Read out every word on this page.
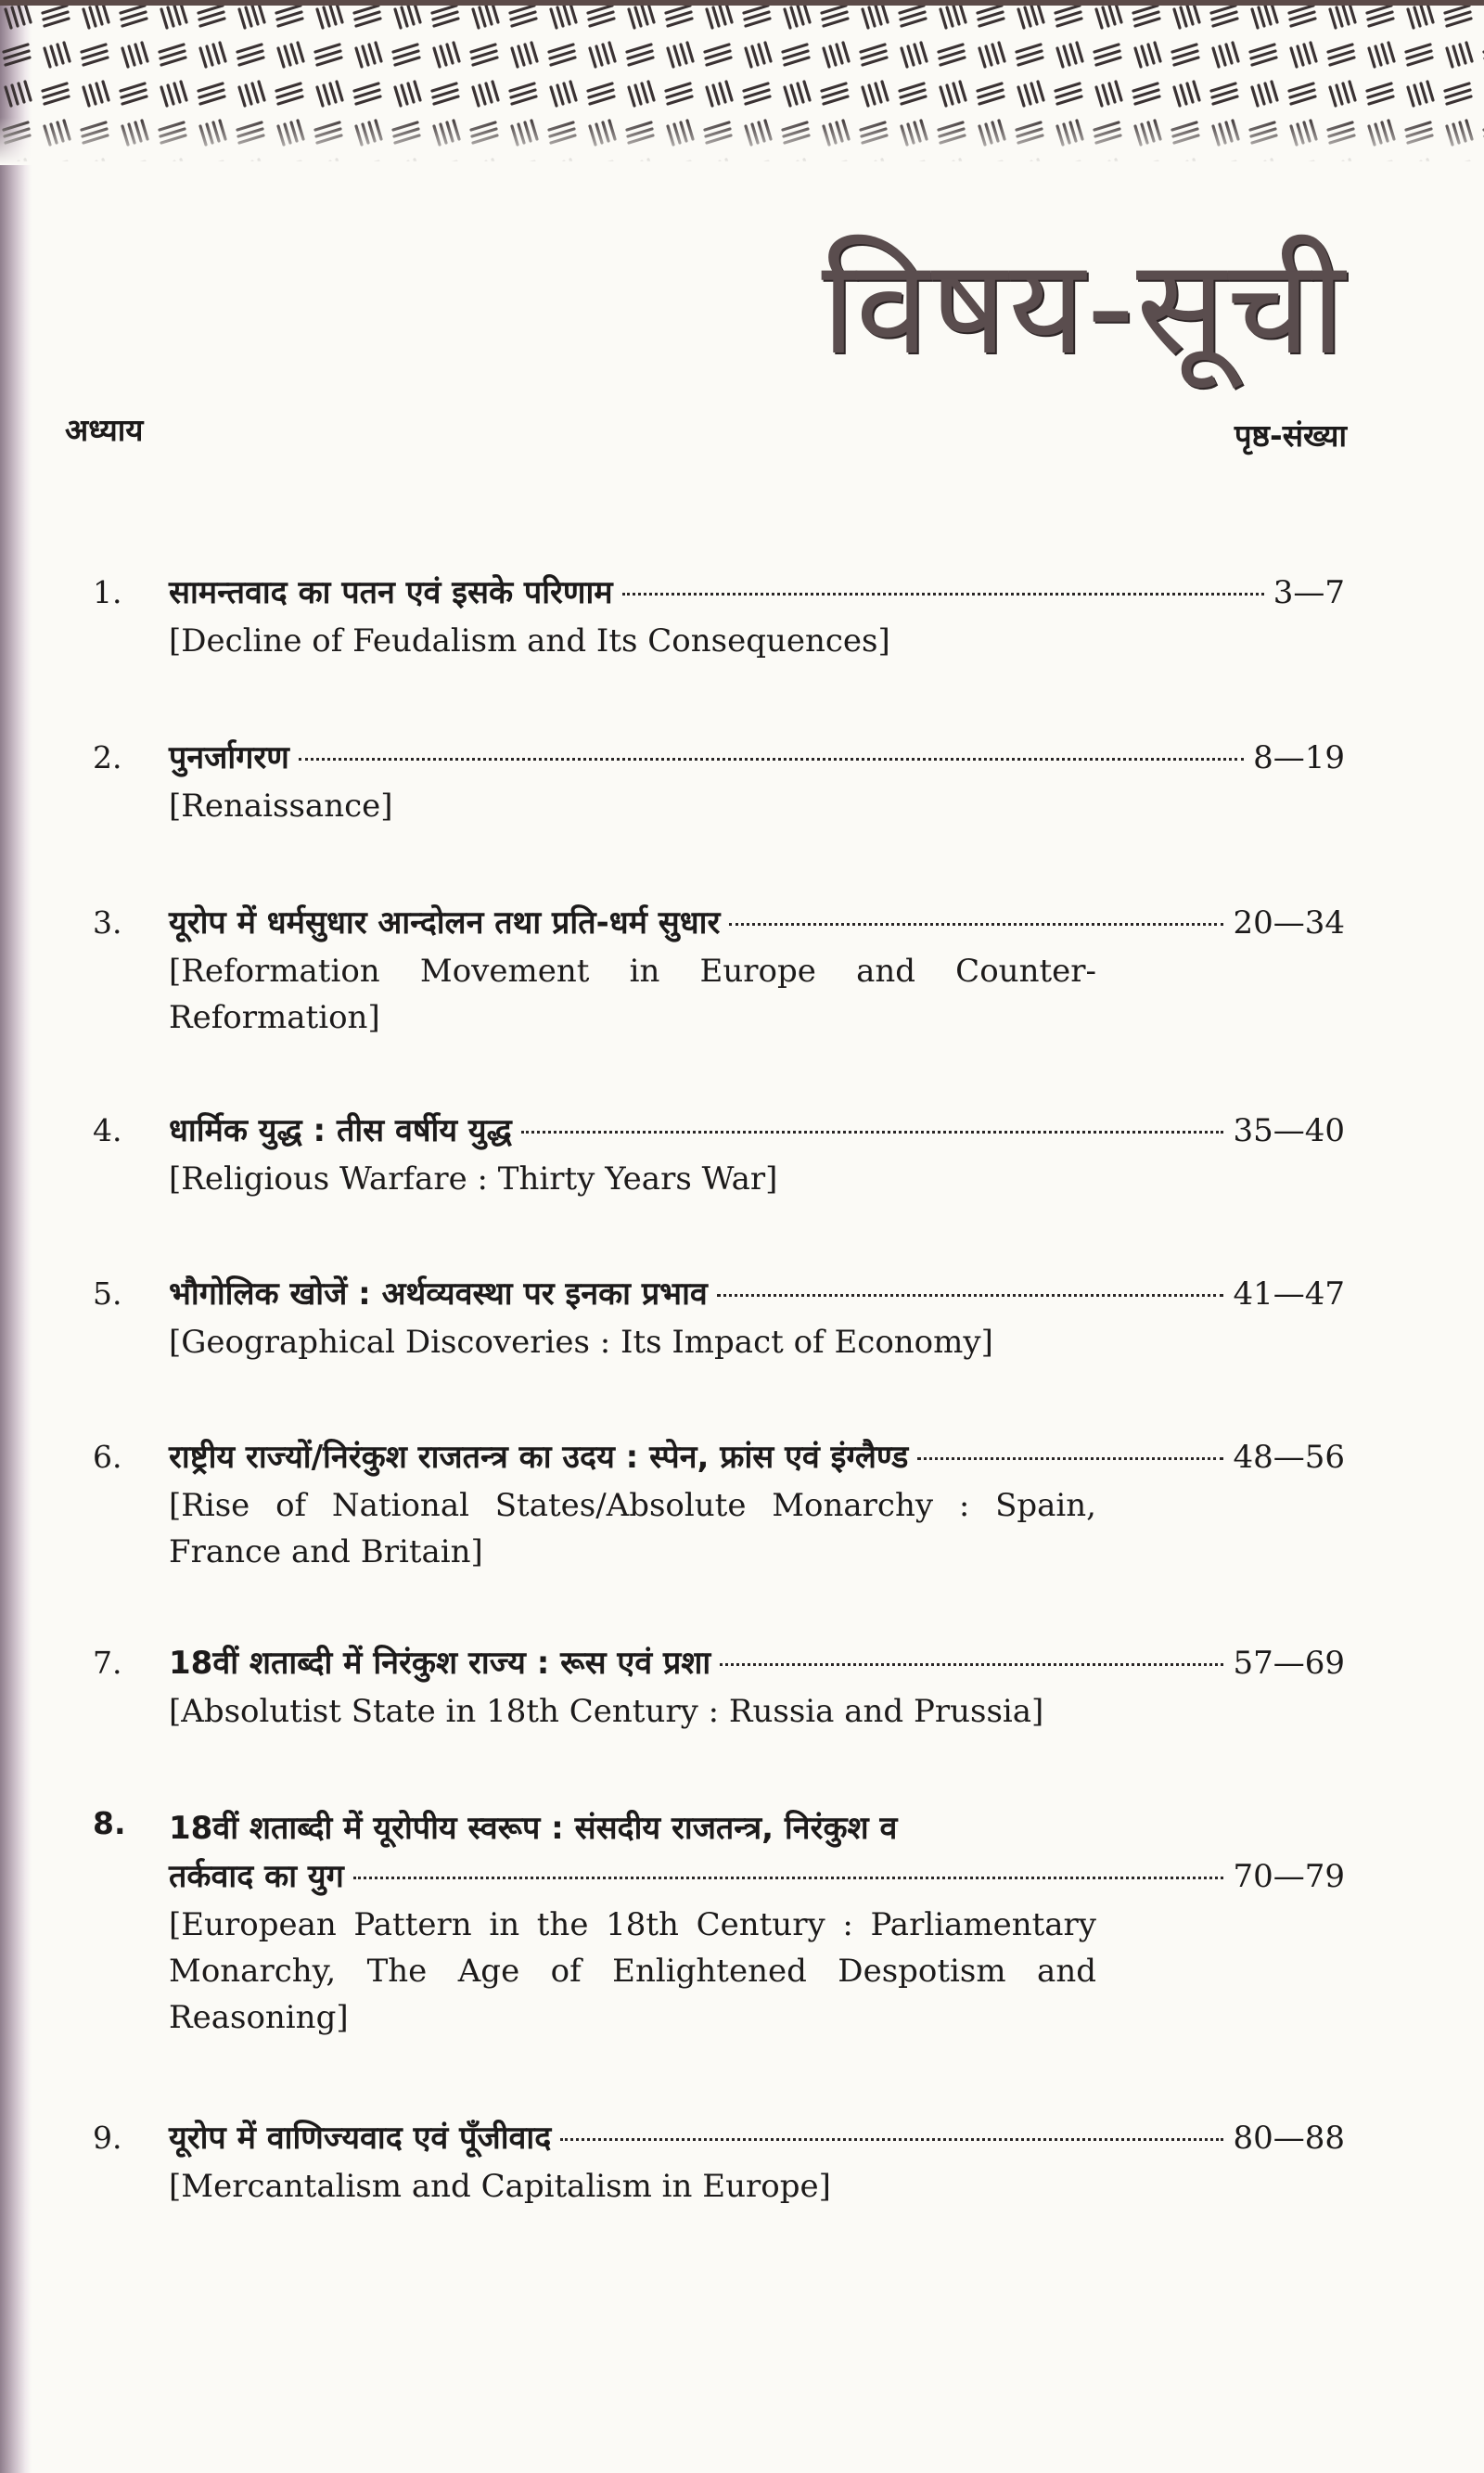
विषय-सूची
अध्याय	पृष्ठ-संख्या
1.	सामन्तवाद का पतन एवं इसके परिणाम	3—7
[Decline of Feudalism and Its Consequences]
2.	पुनर्जागरण	8—19
[Renaissance]
3.	यूरोप में धर्मसुधार आन्दोलन तथा प्रति-धर्म सुधार	20—34
[Reformation Movement in Europe and Counter-Reformation]
4.	धार्मिक युद्ध : तीस वर्षीय युद्ध	35—40
[Religious Warfare : Thirty Years War]
5.	भौगोलिक खोजें : अर्थव्यवस्था पर इनका प्रभाव	41—47
[Geographical Discoveries : Its Impact of Economy]
6.	राष्ट्रीय राज्यों/निरंकुश राजतन्त्र का उदय : स्पेन, फ्रांस एवं इंग्लैण्ड	48—56
[Rise of National States/Absolute Monarchy : Spain, France and Britain]
7.	18वीं शताब्दी में निरंकुश राज्य : रूस एवं प्रशा	57—69
[Absolutist State in 18th Century : Russia and Prussia]
8.	18वीं शताब्दी में यूरोपीय स्वरूप : संसदीय राजतन्त्र, निरंकुश व
तर्कवाद का युग	70—79
[European Pattern in the 18th Century : Parliamentary Monarchy, The Age of Enlightened Despotism and Reasoning]
9.	यूरोप में वाणिज्यवाद एवं पूँजीवाद	80—88
[Mercantalism and Capitalism in Europe]
